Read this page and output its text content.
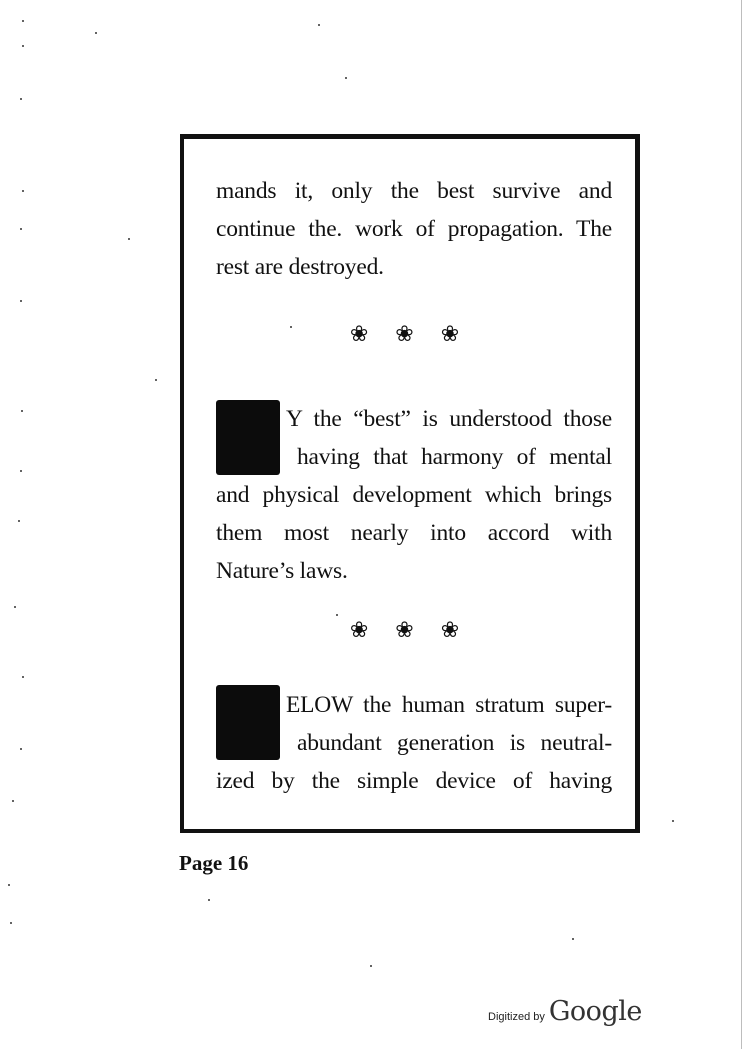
mands it, only the best survive and
continue the. work of propagation. The
rest are destroyed.
❀ ❀ ❀
Y the “best” is understood those
having that harmony of mental
and physical development which brings
them most nearly into accord with
Nature’s laws.
❀ ❀ ❀
ELOW the human stratum super-
abundant generation is neutral-
ized by the simple device of having
Page 16
Digitized by Google
